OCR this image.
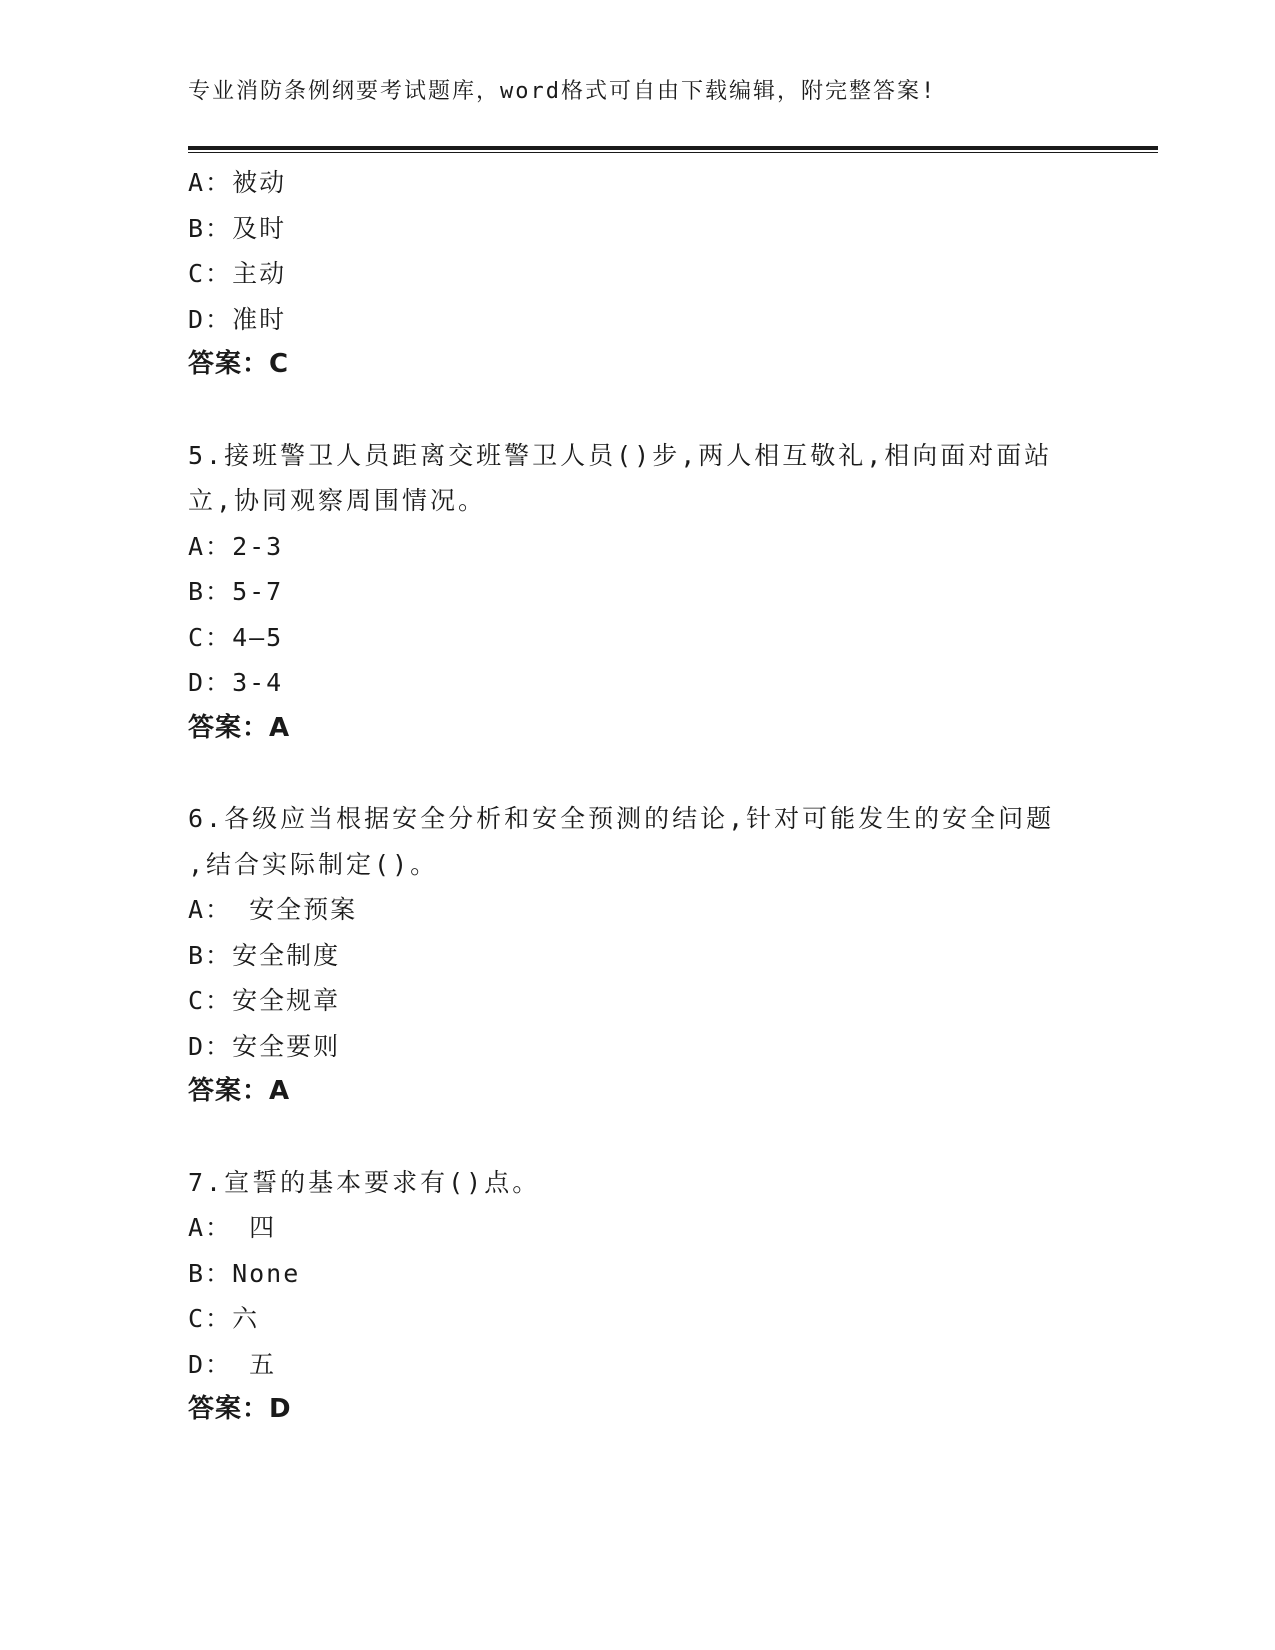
专业消防条例纲要考试题库，word格式可自由下载编辑，附完整答案!
A：被动
B：及时
C：主动
D：准时
答案：C
5.接班警卫人员距离交班警卫人员()步,两人相互敬礼,相向面对面站
立,协同观察周围情况。
A：2-3
B：5-7
C：4—5
D：3-4
答案：A
6.各级应当根据安全分析和安全预测的结论,针对可能发生的安全问题
,结合实际制定()。
A： 安全预案
B：安全制度
C：安全规章
D：安全要则
答案：A
7.宣誓的基本要求有()点。
A： 四
B：None
C：六
D： 五
答案：D
